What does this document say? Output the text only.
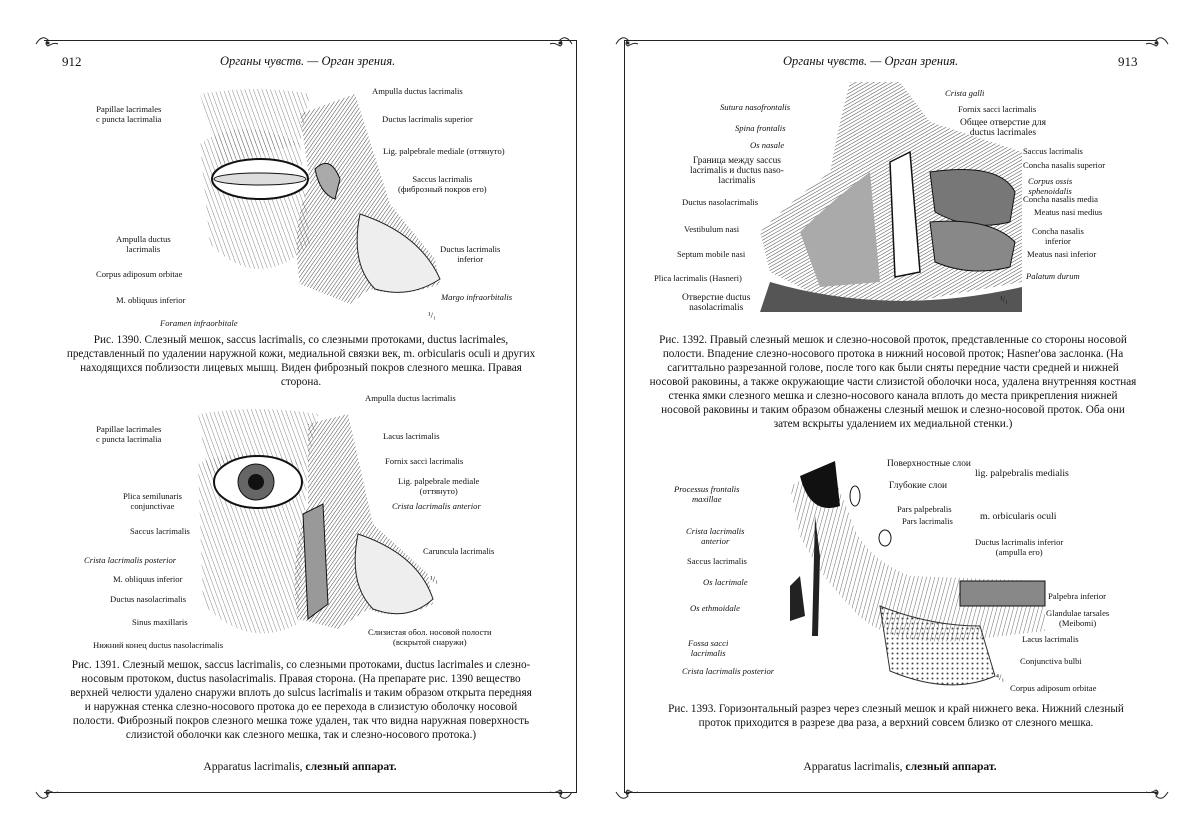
912	Органы чувств. — Орган зрения.
Papillae lacrimales
c puncta lacrimalia
Ampulla ductus lacrimalis
Ductus lacrimalis superior
Lig. palpebrale mediale (оттянуто)
Saccus lacrimalis
(фиброзный покров его)
Ampulla ductus
lacrimalis
Corpus adiposum orbitae
M. obliquus inferior
Ductus lacrimalis
inferior
Margo infraorbitalis
Foramen infraorbitale
¹/₁
Рис. 1390. Слезный мешок, saccus lacrimalis, со слезными протоками, ductus lacrimales, представленный по удалении наружной кожи, медиальной связки век, m. orbicularis oculi и других находящихся поблизости лицевых мышц. Виден фиброзный покров слезного мешка. Правая сторона.
Papillae lacrimales
c puncta lacrimalia
Ampulla ductus lacrimalis
Lacus lacrimalis
Fornix sacci lacrimalis
Lig. palpebrale mediale
(оттянуто)
Crista lacrimalis anterior
Plica semilunaris
conjunctivae
Saccus lacrimalis
Caruncula lacrimalis
Crista lacrimalis posterior
M. obliquus inferior
Ductus nasolacrimalis
Sinus maxillaris
Нижний конец ductus nasolacrimalis
Слизистая обол. носовой полости
(вскрытой снаружи)
¹/₁
Рис. 1391. Слезный мешок, saccus lacrimalis, со слезными протоками, ductus lacrimales и слезно-носовым протоком, ductus nasolacrimalis. Правая сторона. (На препарате рис. 1390 вещество верхней челюсти удалено снаружи вплоть до sulcus lacrimalis и таким образом открыта передняя и наружная стенка слезно-носового протока до ее перехода в слизистую оболочку носовой полости. Фиброзный покров слезного мешка тоже удален, так что видна наружная поверхность слизистой оболочки как слезного мешка, так и слезно-носового протока.)
Apparatus lacrimalis, слезный аппарат.
Органы чувств. — Орган зрения.	913
Sutura nasofrontalis
Crista galli
Fornix sacci lacrimalis
Общее отверстие для
ductus lacrimales
Spina frontalis
Os nasale
Saccus lacrimalis
Concha nasalis superior
Граница между saccus
lacrimalis и ductus naso-
lacrimalis	Corpus ossis
sphenoidalis
Concha nasalis media
Ductus nasolacrimalis
Meatus nasi medius
Vestibulum nasi	Concha nasalis
inferior
Septum mobile nasi	Meatus nasi inferior
Plica lacrimalis (Hasneri)	Palatum durum
Отверстие ductus
nasolacrimalis
¹/₁
Рис. 1392. Правый слезный мешок и слезно-носовой проток, представленные со стороны носовой полости. Впадение слезно-носового протока в нижний носовой проток; Hasner'ова заслонка. (На сагиттально разрезанной голове, после того как были сняты передние части средней и нижней носовой раковины, а также окружающие части слизистой оболочки носа, удалена внутренняя костная стенка ямки слезного мешка и слезно-носового канала вплоть до места прикрепления нижней носовой раковины и таким образом обнажены слезный мешок и слезно-носовой проток. Оба они затем вскрыты удалением их медиальной стенки.)
Поверхностные слои
Глубокие слои
lig. palpebralis medialis
Processus frontalis
maxillae
Pars palpebralis
Pars lacrimalis	m. orbicularis oculi
Crista lacrimalis
anterior	Ductus lacrimalis inferior
(ampulla его)
Saccus lacrimalis
Os lacrimale
Palpebra inferior
Os ethmoidale	Glandulae tarsales
(Meibomi)
Lacus lacrimalis
Fossa sacci
lacrimalis
Conjunctiva bulbi
Crista lacrimalis posterior
Corpus adiposum orbitae
⁴/₁
Рис. 1393. Горизонтальный разрез через слезный мешок и край нижнего века. Нижний слезный проток приходится в разрезе два раза, а верхний совсем близко от слезного мешка.
Apparatus lacrimalis, слезный аппарат.
